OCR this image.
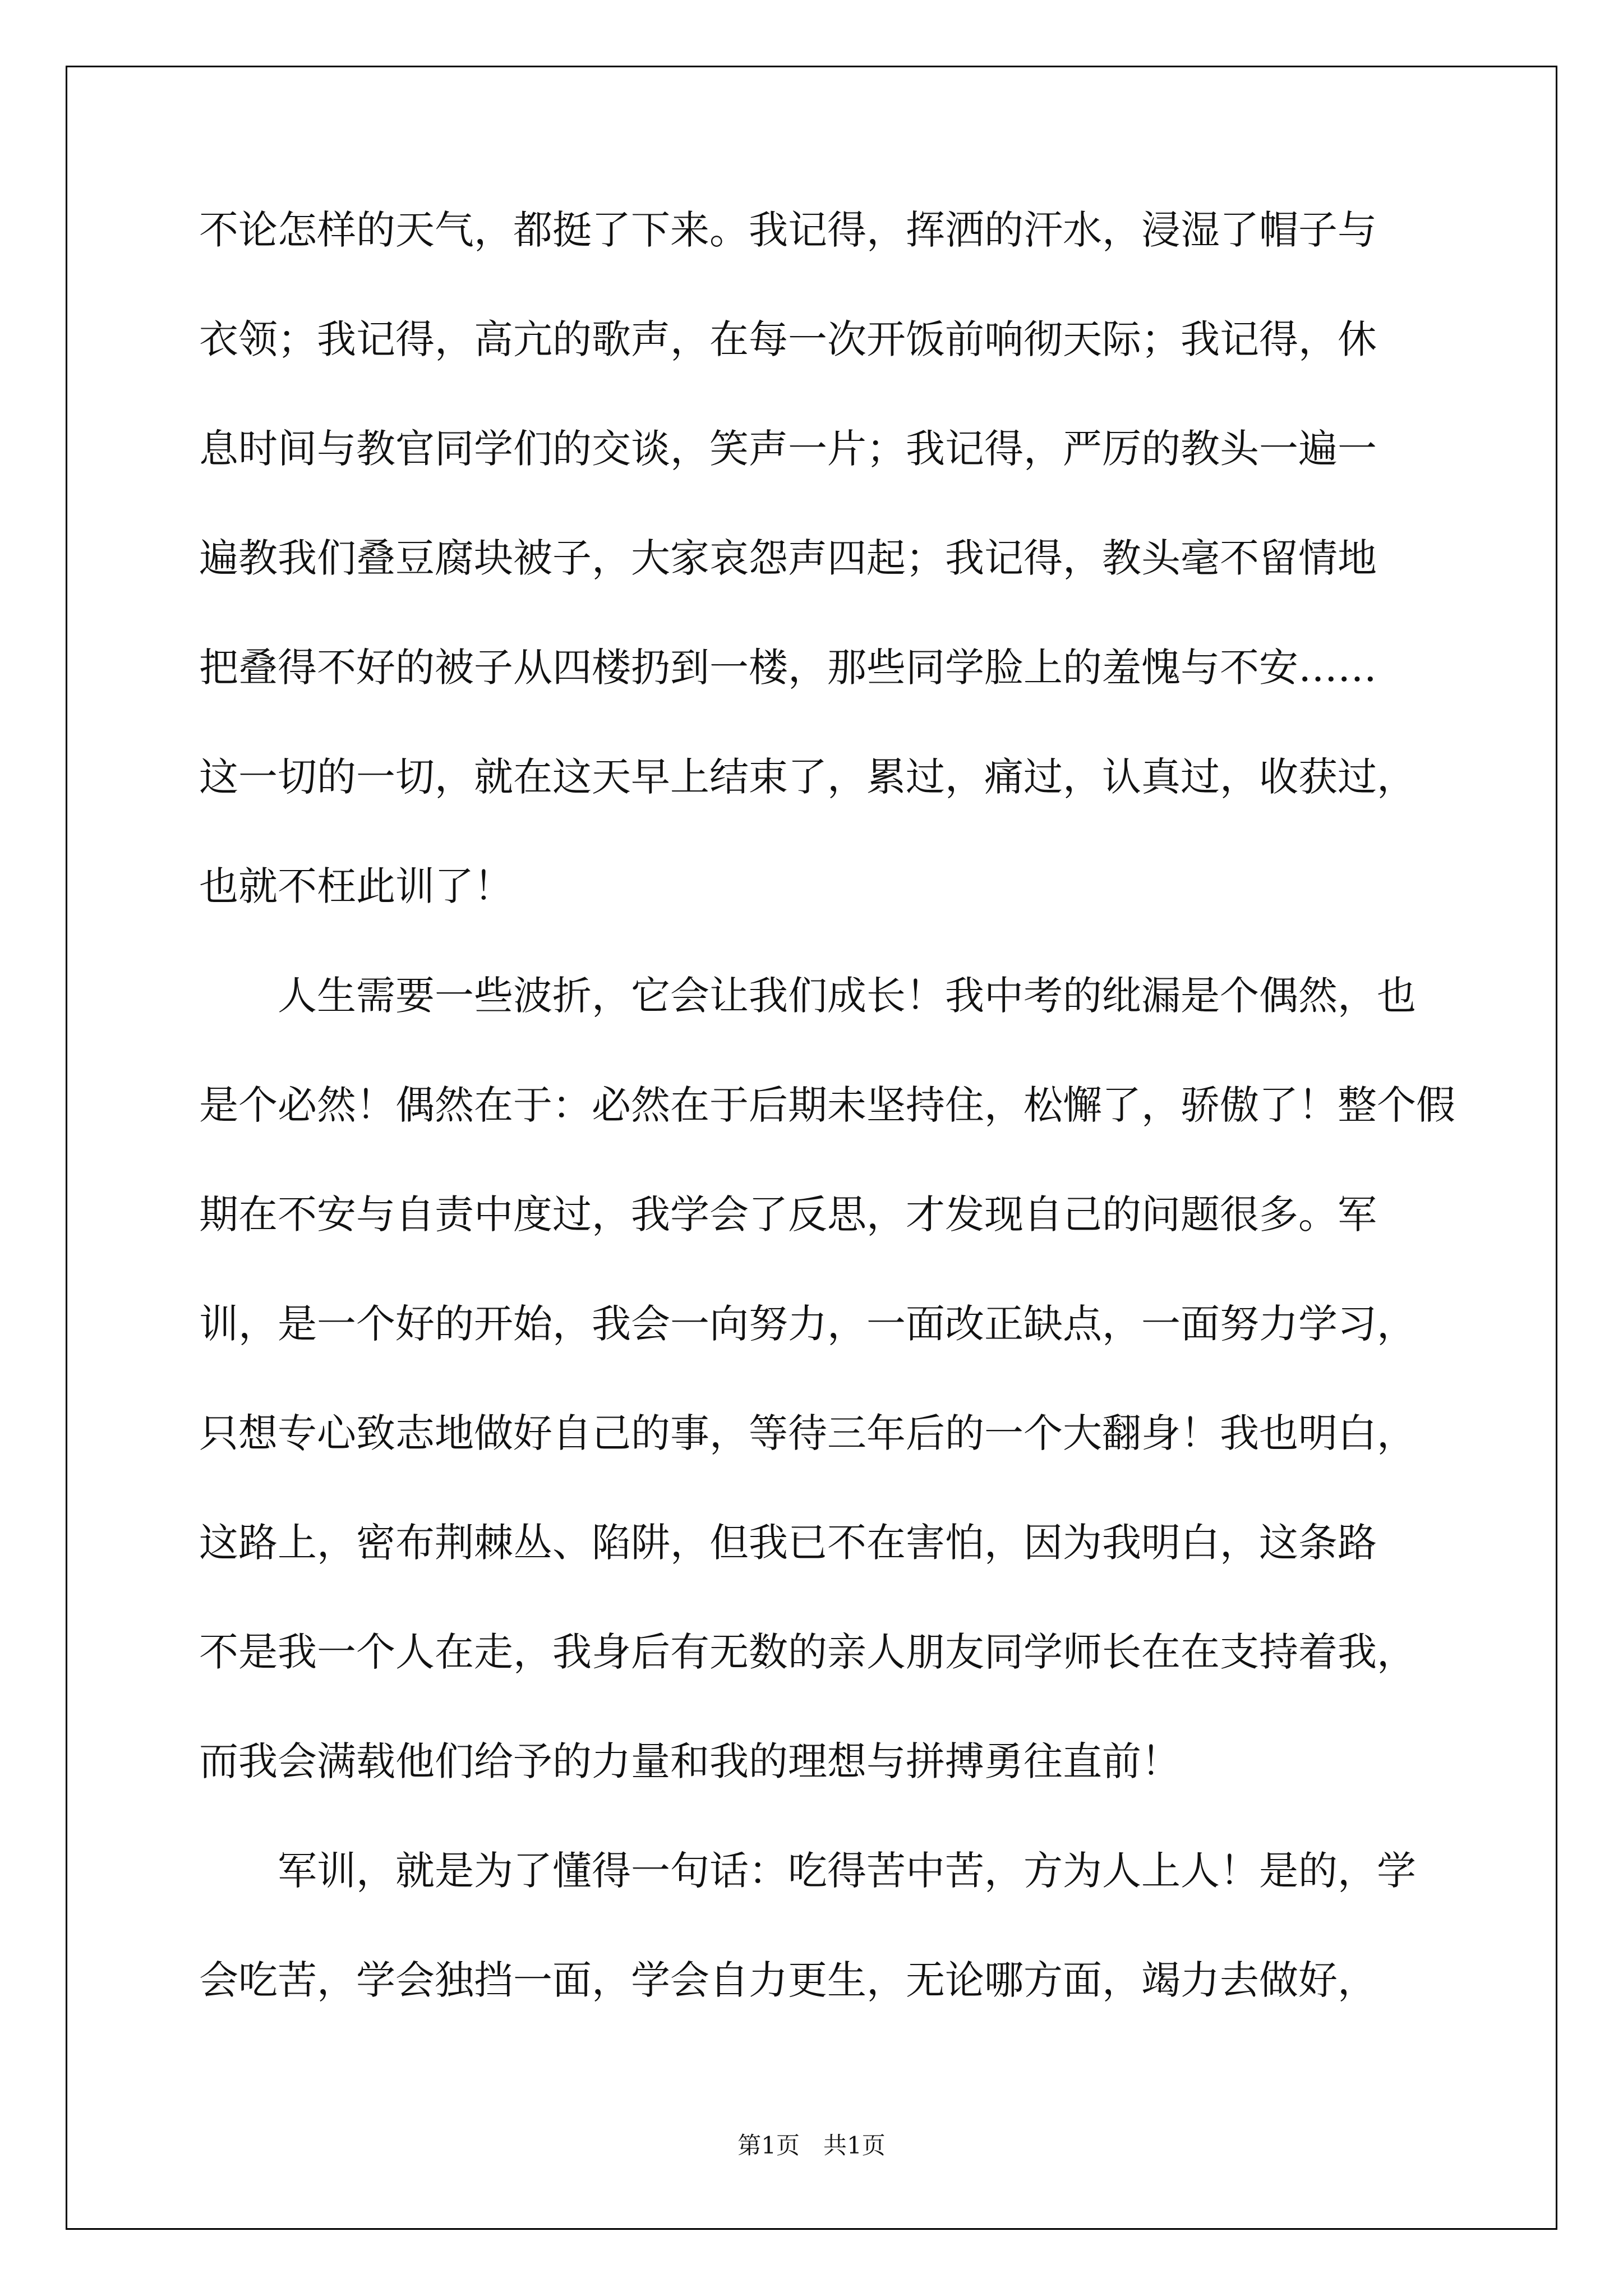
不论怎样的天气，都挺了下来。我记得，挥洒的汗水，浸湿了帽子与
衣领；我记得，高亢的歌声，在每一次开饭前响彻天际；我记得，休
息时间与教官同学们的交谈，笑声一片；我记得，严厉的教头一遍一
遍教我们叠豆腐块被子，大家哀怨声四起；我记得，教头毫不留情地
把叠得不好的被子从四楼扔到一楼，那些同学脸上的羞愧与不安……
这一切的一切，就在这天早上结束了，累过，痛过，认真过，收获过，
也就不枉此训了！
　　人生需要一些波折，它会让我们成长！我中考的纰漏是个偶然，也
是个必然！偶然在于：必然在于后期未坚持住，松懈了，骄傲了！整个假
期在不安与自责中度过，我学会了反思，才发现自己的问题很多。军
训，是一个好的开始，我会一向努力，一面改正缺点，一面努力学习，
只想专心致志地做好自己的事，等待三年后的一个大翻身！我也明白，
这路上，密布荆棘丛、陷阱，但我已不在害怕，因为我明白，这条路
不是我一个人在走，我身后有无数的亲人朋友同学师长在在支持着我，
而我会满载他们给予的力量和我的理想与拼搏勇往直前！
　　军训，就是为了懂得一句话：吃得苦中苦，方为人上人！是的，学
会吃苦，学会独挡一面，学会自力更生，无论哪方面，竭力去做好，
第1页　共1页
